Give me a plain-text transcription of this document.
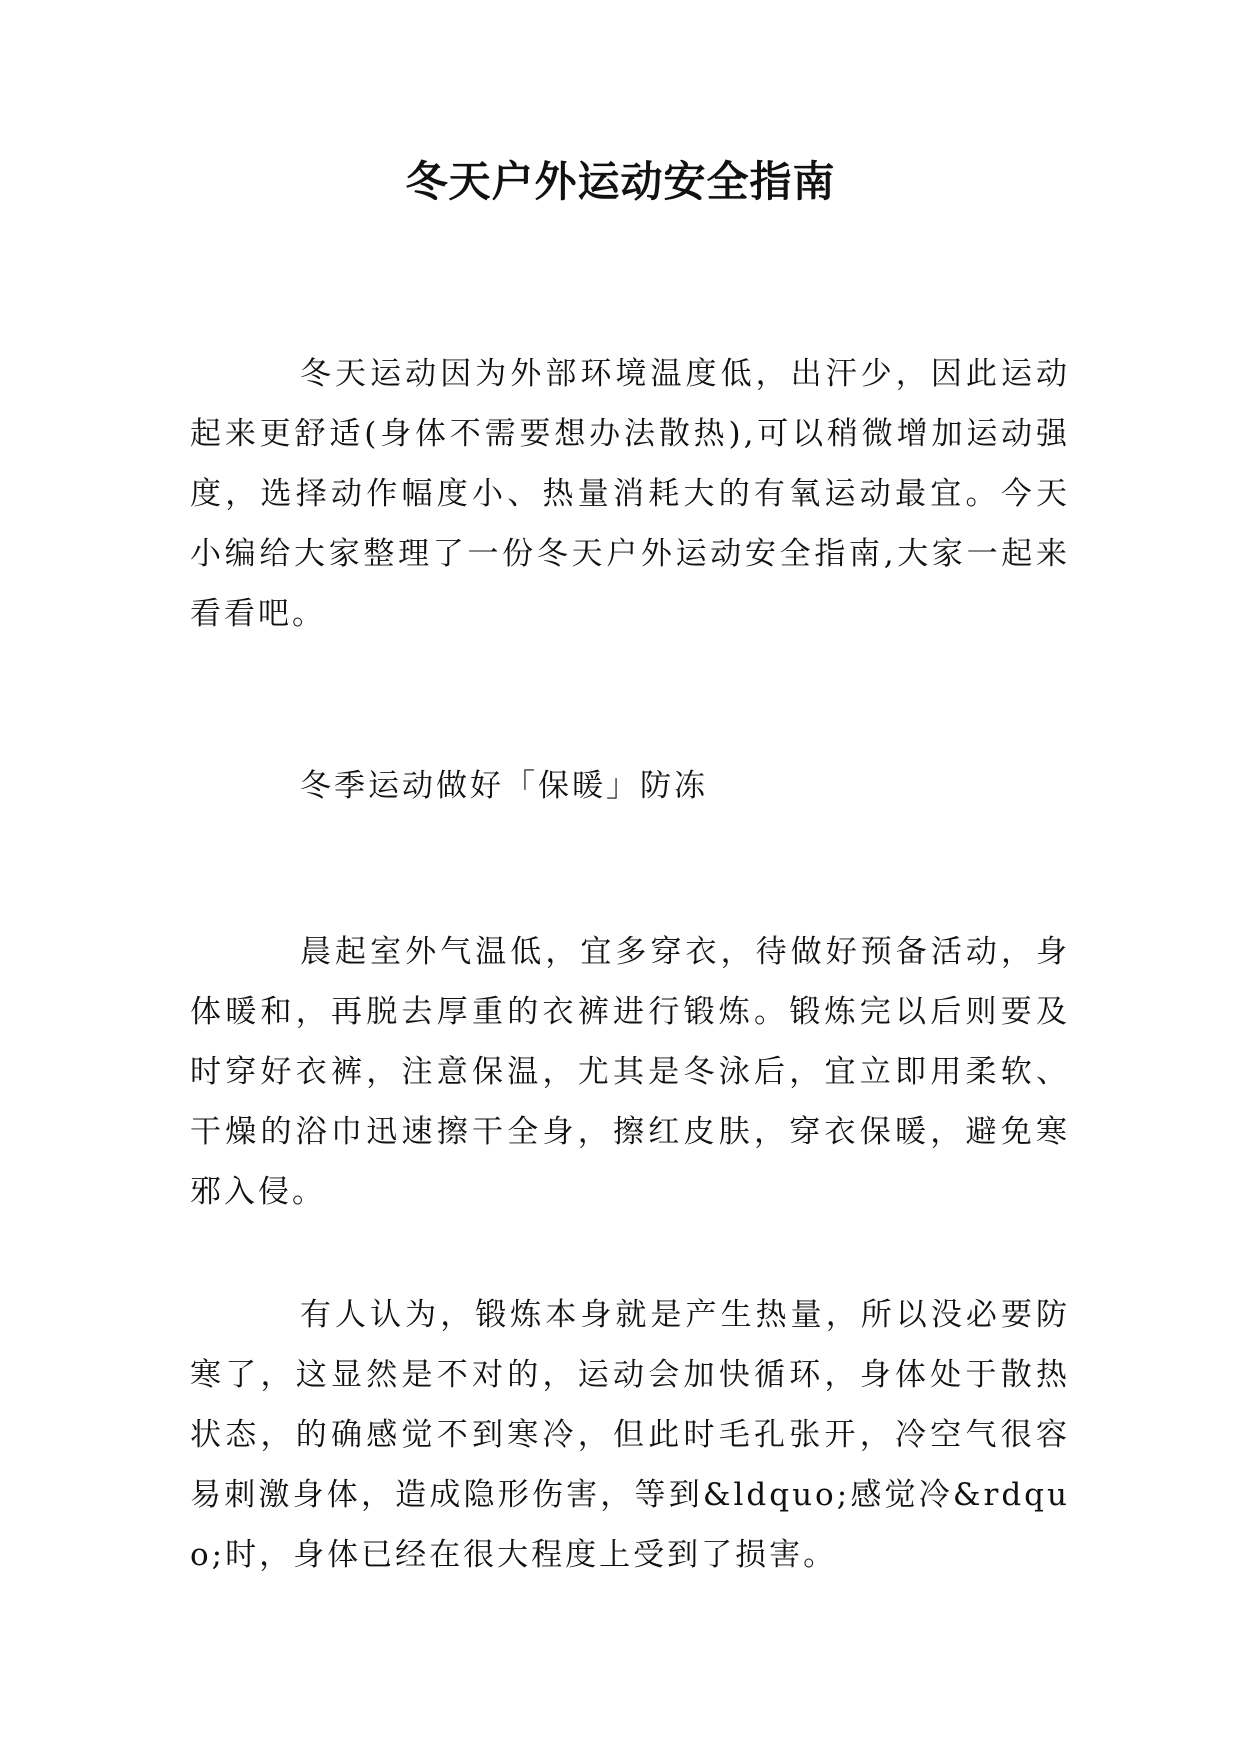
冬天户外运动安全指南

冬天运动因为外部环境温度低，出汗少，因此运动起来更舒适(身体不需要想办法散热),可以稍微增加运动强度，选择动作幅度小、热量消耗大的有氧运动最宜。今天小编给大家整理了一份冬天户外运动安全指南,大家一起来看看吧。

冬季运动做好「保暖」防冻

晨起室外气温低，宜多穿衣，待做好预备活动，身体暖和，再脱去厚重的衣裤进行锻炼。锻炼完以后则要及时穿好衣裤，注意保温，尤其是冬泳后，宜立即用柔软、干燥的浴巾迅速擦干全身，擦红皮肤，穿衣保暖，避免寒邪入侵。

有人认为，锻炼本身就是产生热量，所以没必要防寒了，这显然是不对的，运动会加快循环，身体处于散热状态，的确感觉不到寒冷，但此时毛孔张开，冷空气很容易刺激身体，造成隐形伤害，等到&ldquo;感觉冷&rdquo;时，身体已经在很大程度上受到了损害。
